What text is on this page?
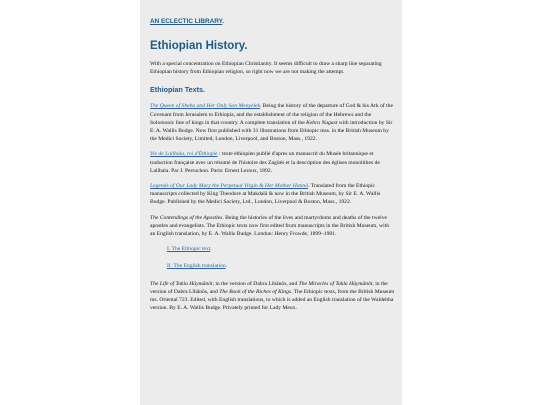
AN ECLECTIC LIBRARY.
Ethiopian History.

With a special concentration on Ethiopian Christianity. It seems difficult to draw a sharp line separating Ethiopian history from Ethiopian religion, so right now we are not making the attempt.

Ethiopian Texts.

The Queen of Sheba and Her Only Son Menyelek. Being the history of the departure of God & his Ark of the Covenant from Jerusalem to Ethiopia, and the establishment of the religion of the Hebrews and the Solomonic line of kings in that country. A complete translation of the Kebra Nagast with introduction by Sir E. A. Wallis Budge. Now first published with 31 illustrations from Ethiopic mss. in the British Museum by the Medici Society, Limited, London, Liverpool, and Boston, Mass., 1922.

Vie de Lalibala, roi d'Éthiopie : texte éthiopien publié d'apres un manuscrit du Musée britannique et traduction française avec un résumé de l'histoire des Zagüés et la description des églises monolithes de Lalibala. Par J. Perruchon. Paris: Ernest Leroux, 1892.

Legends of Our Lady Mary the Perpetual Virgin & Her Mother Hannâ. Translated from the Ethiopic manuscripts collected by King Theodore at Makdalâ & now in the British Museum, by Sir E. A. Wallis Budge. Published by the Medici Society, Ltd., London, Liverpool & Boston, Mass., 1922.

The Contendings of the Apostles. Being the histories of the lives and martyrdoms and deaths of the twelve apostles and evangelists. The Ethiopic texts now first edited from manuscripts in the British Museum, with an English translation, by E. A. Wallis Budge. London: Henry Frowde, 1899–1901.

I. The Ethiopic text.
II. The English translation.

The Life of Takla Hâymânôt, in the version of Dabra Libânôs, and The Miracles of Takla Hâymânôt, in the version of Dabra Lîbânôs, and The Book of the Riches of Kings. The Ethiopic texts, from the British Museum ms. Oriental 723. Edited, with English translations, to which is added an English translation of the Waldebba version. By E. A. Wallis Budge. Privately printed for Lady Meux.
